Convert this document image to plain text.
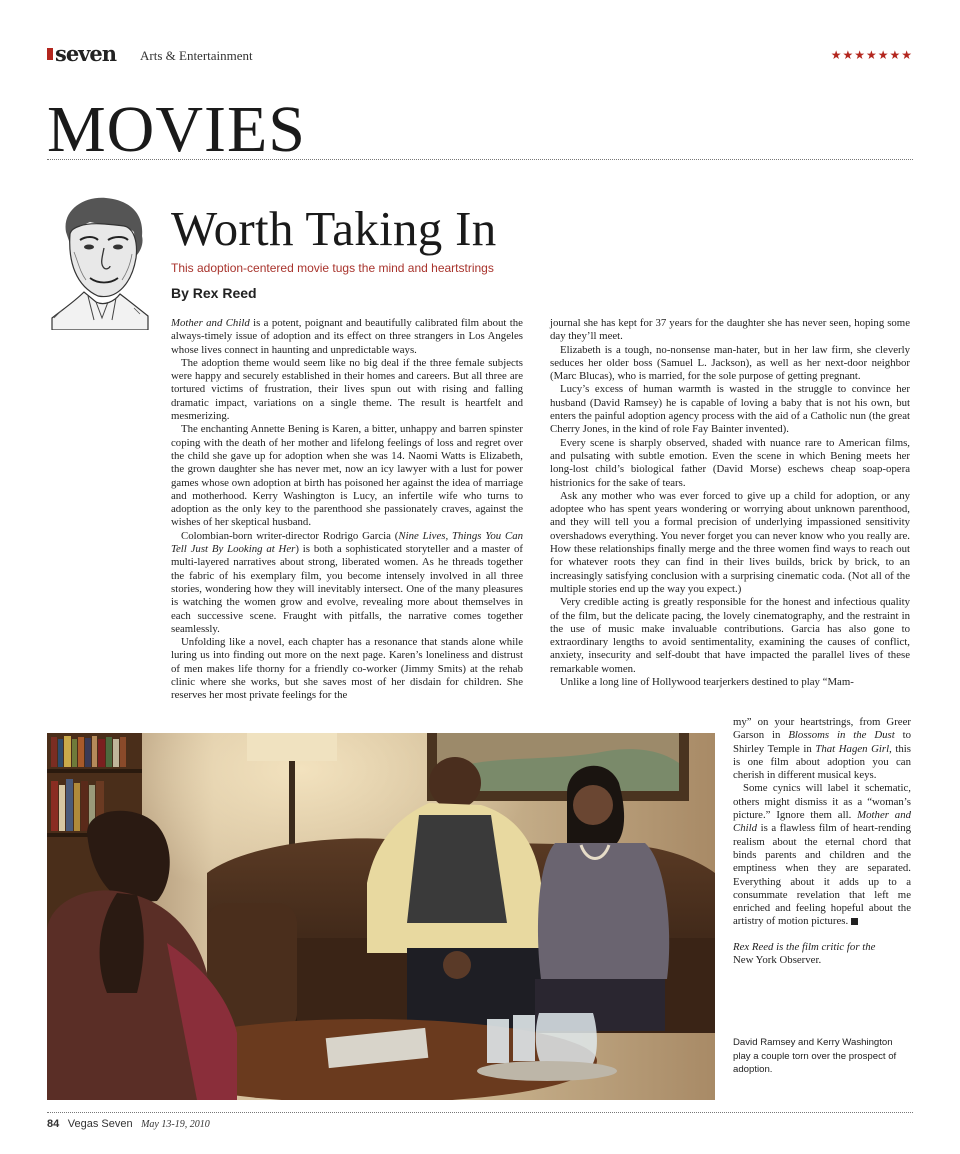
seven Arts & Entertainment	★★★★★★★
MOVIES
Worth Taking In
This adoption-centered movie tugs the mind and heartstrings
By Rex Reed

Mother and Child is a potent, poignant and beautifully calibrated film about the always-timely issue of adoption and its effect on three strangers in Los Angeles whose lives connect in haunting and unpredictable ways.

The adoption theme would seem like no big deal if the three female subjects were happy and securely established in their homes and careers. But all three are tortured victims of frustration, their lives spun out with rising and falling dramatic impact, variations on a single theme. The result is heartfelt and mesmerizing.

The enchanting Annette Bening is Karen, a bitter, unhappy and barren spinster coping with the death of her mother and lifelong feelings of loss and regret over the child she gave up for adoption when she was 14. Naomi Watts is Elizabeth, the grown daughter she has never met, now an icy lawyer with a lust for power games whose own adoption at birth has poisoned her against the idea of marriage and motherhood. Kerry Washington is Lucy, an infertile wife who turns to adoption as the only key to the parenthood she passionately craves, against the wishes of her skeptical husband.

Colombian-born writer-director Rodrigo Garcia (Nine Lives, Things You Can Tell Just By Looking at Her) is both a sophisticated storyteller and a master of multi-layered narratives about strong, liberated women. As he threads together the fabric of his exemplary film, you become intensely involved in all three stories, wondering how they will inevitably intersect. One of the many pleasures is watching the women grow and evolve, revealing more about themselves in each successive scene. Fraught with pitfalls, the narrative comes together seamlessly.

Unfolding like a novel, each chapter has a resonance that stands alone while luring us into finding out more on the next page. Karen’s loneliness and distrust of men makes life thorny for a friendly co-worker (Jimmy Smits) at the rehab clinic where she works, but she saves most of her disdain for children. She reserves her most private feelings for the

journal she has kept for 37 years for the daughter she has never seen, hoping some day they’ll meet.

Elizabeth is a tough, no-nonsense man-hater, but in her law firm, she cleverly seduces her older boss (Samuel L. Jackson), as well as her next-door neighbor (Marc Blucas), who is married, for the sole purpose of getting pregnant.

Lucy’s excess of human warmth is wasted in the struggle to convince her husband (David Ramsey) he is capable of loving a baby that is not his own, but enters the painful adoption agency process with the aid of a Catholic nun (the great Cherry Jones, in the kind of role Fay Bainter invented).

Every scene is sharply observed, shaded with nuance rare to American films, and pulsating with subtle emotion. Even the scene in which Bening meets her long-lost child’s biological father (David Morse) eschews cheap soap-opera histrionics for the sake of tears.

Ask any mother who was ever forced to give up a child for adoption, or any adoptee who has spent years wondering or worrying about unknown parenthood, and they will tell you a formal precision of underlying impassioned sensitivity overshadows everything. You never forget you can never know who you really are. How these relationships finally merge and the three women find ways to reach out for whatever roots they can find in their lives builds, brick by brick, to an increasingly satisfying conclusion with a surprising cinematic coda. (Not all of the multiple stories end up the way you expect.)

Very credible acting is greatly responsible for the honest and infectious quality of the film, but the delicate pacing, the lovely cinematography, and the restraint in the use of music make invaluable contributions. Garcia has also gone to extraordinary lengths to avoid sentimentality, examining the causes of conflict, anxiety, insecurity and self-doubt that have impacted the parallel lives of these remarkable women.

Unlike a long line of Hollywood tearjerkers destined to play “Mam-

my” on your heartstrings, from Greer Garson in Blossoms in the Dust to Shirley Temple in That Hagen Girl, this is one film about adoption you can cherish in different musical keys.

Some cynics will label it schematic, others might dismiss it as a “woman’s picture.” Ignore them all. Mother and Child is a flawless film of heart-rending realism about the eternal chord that binds parents and children and the emptiness when they are separated. Everything about it adds up to a consummate revelation that left me enriched and feeling hopeful about the artistry of motion pictures.

Rex Reed is the film critic for the
New York Observer.
David Ramsey and Kerry Washington play a couple torn over the prospect of adoption.
84 Vegas Seven May 13-19, 2010
